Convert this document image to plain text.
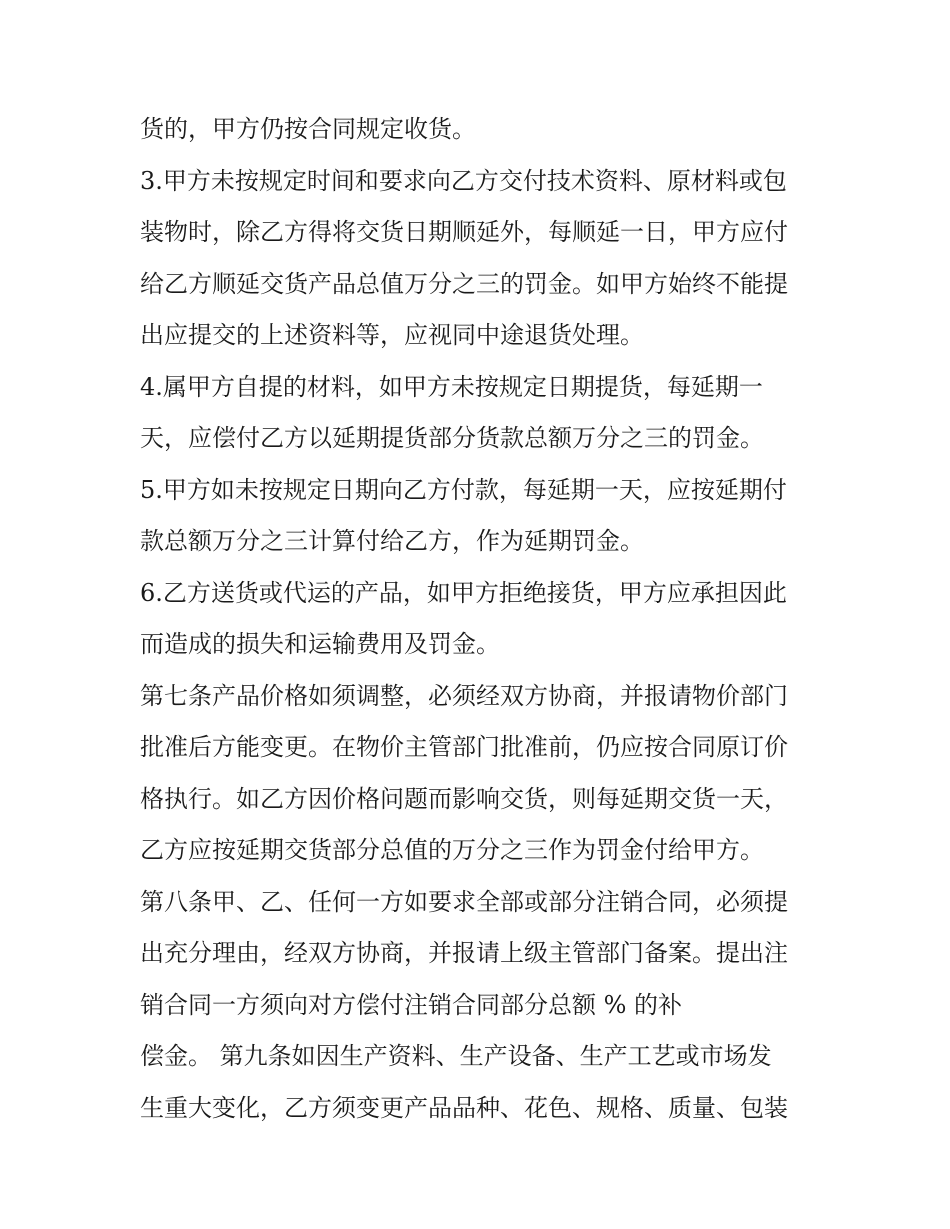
货的，甲方仍按合同规定收货。
3.甲方未按规定时间和要求向乙方交付技术资料、原材料或包
装物时，除乙方得将交货日期顺延外，每顺延一日，甲方应付
给乙方顺延交货产品总值万分之三的罚金。如甲方始终不能提
出应提交的上述资料等，应视同中途退货处理。
4.属甲方自提的材料，如甲方未按规定日期提货，每延期一
天，应偿付乙方以延期提货部分货款总额万分之三的罚金。
5.甲方如未按规定日期向乙方付款，每延期一天，应按延期付
款总额万分之三计算付给乙方，作为延期罚金。
6.乙方送货或代运的产品，如甲方拒绝接货，甲方应承担因此
而造成的损失和运输费用及罚金。
第七条产品价格如须调整，必须经双方协商，并报请物价部门
批准后方能变更。在物价主管部门批准前，仍应按合同原订价
格执行。如乙方因价格问题而影响交货，则每延期交货一天，
乙方应按延期交货部分总值的万分之三作为罚金付给甲方。
第八条甲、乙、任何一方如要求全部或部分注销合同，必须提
出充分理由，经双方协商，并报请上级主管部门备案。提出注
销合同一方须向对方偿付注销合同部分总额 % 的补
偿金。 第九条如因生产资料、生产设备、生产工艺或市场发
生重大变化，乙方须变更产品品种、花色、规格、质量、包装
